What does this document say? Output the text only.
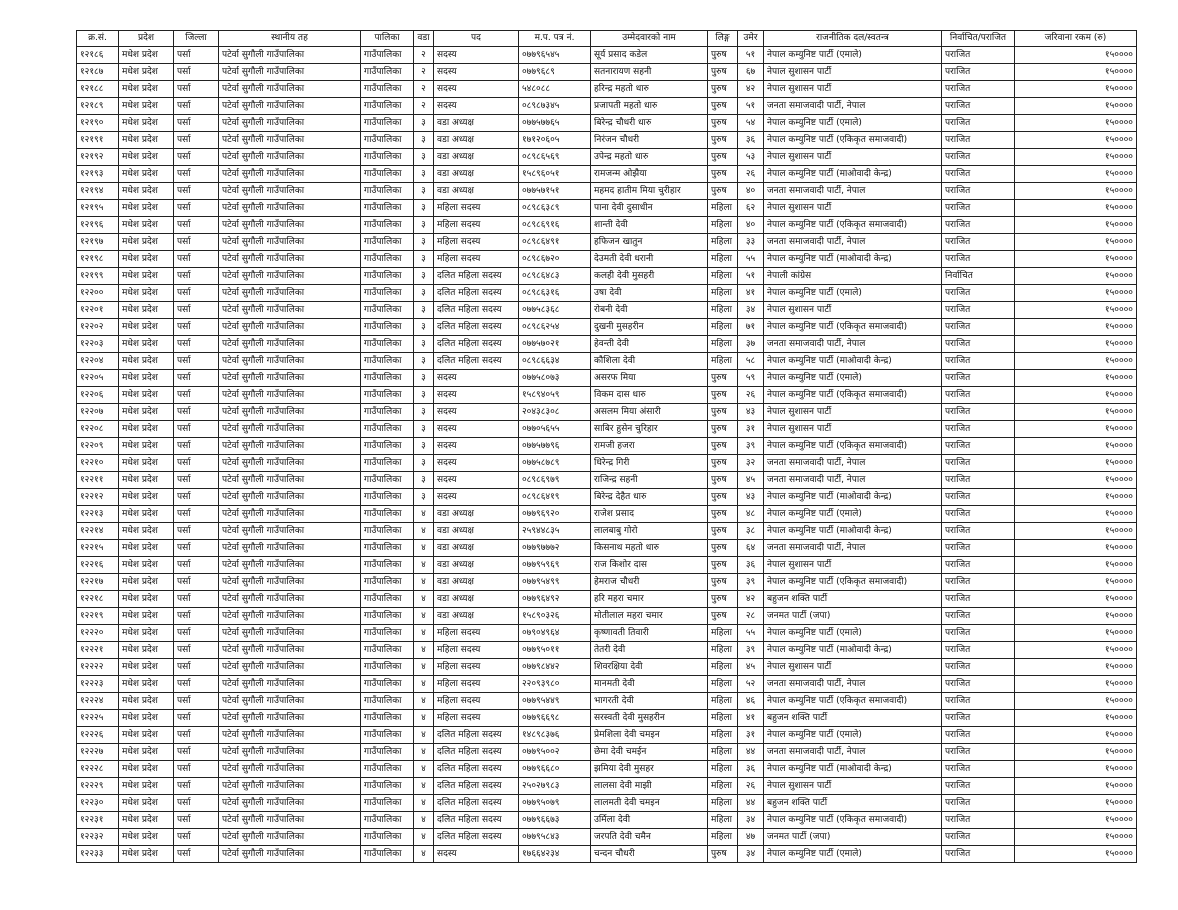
क्र.सं.	प्रदेश	जिल्ला	स्थानीय तह	पालिका	वडा	पद	म.प. पत्र नं.	उम्मेदवारको नाम	लिङ्ग	उमेर	राजनीतिक दल/स्वतन्त्र	निर्वाचित/पराजित	जरिवाना रकम (रु)
१२१८६	मधेश प्रदेश	पर्सा	पटेर्वा सुगौली गाउँपालिका	गाउँपालिका	२	सदस्य	०७७९६५४५	सूर्य प्रसाद कडेल	पुरुष	५१	नेपाल कम्युनिष्ट पार्टी (एमाले)	पराजित	१५००००
१२१८७	मधेश प्रदेश	पर्सा	पटेर्वा सुगौली गाउँपालिका	गाउँपालिका	२	सदस्य	०७७९६८९	सतनारायण सहनी	पुरुष	६७	नेपाल सुशासन पार्टी	पराजित	१५००००
१२१८८	मधेश प्रदेश	पर्सा	पटेर्वा सुगौली गाउँपालिका	गाउँपालिका	२	सदस्य	५४८०८८	हरिन्द्र महतो धारु	पुरुष	४२	नेपाल सुशासन पार्टी	पराजित	१५००००
१२१८९	मधेश प्रदेश	पर्सा	पटेर्वा सुगौली गाउँपालिका	गाउँपालिका	२	सदस्य	०८९८७३४५	प्रजापती महतो धारु	पुरुष	५१	जनता समाजवादी पार्टी, नेपाल	पराजित	१५००००
१२१९०	मधेश प्रदेश	पर्सा	पटेर्वा सुगौली गाउँपालिका	गाउँपालिका	३	वडा अध्यक्ष	०७७५७७६५	बिरेन्द्र चौधरी धारु	पुरुष	५४	नेपाल कम्युनिष्ट पार्टी (एमाले)	पराजित	१५००००
१२१९१	मधेश प्रदेश	पर्सा	पटेर्वा सुगौली गाउँपालिका	गाउँपालिका	३	वडा अध्यक्ष	१७१२०६०५	निरंजन चौधरी	पुरुष	३६	नेपाल कम्युनिष्ट पार्टी (एकिकृत समाजवादी)	पराजित	१५००००
१२१९२	मधेश प्रदेश	पर्सा	पटेर्वा सुगौली गाउँपालिका	गाउँपालिका	३	वडा अध्यक्ष	०८९८६५६९	उपेन्द्र महतो धारु	पुरुष	५३	नेपाल सुशासन पार्टी	पराजित	१५००००
१२१९३	मधेश प्रदेश	पर्सा	पटेर्वा सुगौली गाउँपालिका	गाउँपालिका	३	वडा अध्यक्ष	१५८९६०५१	रामजन्म ओझैया	पुरुष	२६	नेपाल कम्युनिष्ट पार्टी (माओवादी केन्द्र)	पराजित	१५००००
१२१९४	मधेश प्रदेश	पर्सा	पटेर्वा सुगौली गाउँपालिका	गाउँपालिका	३	वडा अध्यक्ष	०७७५७१५१	महमद हातीम मिया चुरीहार	पुरुष	४०	जनता समाजवादी पार्टी, नेपाल	पराजित	१५००००
१२१९५	मधेश प्रदेश	पर्सा	पटेर्वा सुगौली गाउँपालिका	गाउँपालिका	३	महिला सदस्य	०८९८६३८९	पाना देवी दुसाधीन	महिला	६२	नेपाल सुशासन पार्टी	पराजित	१५००००
१२१९६	मधेश प्रदेश	पर्सा	पटेर्वा सुगौली गाउँपालिका	गाउँपालिका	३	महिला सदस्य	०८९८६९१६	शान्ती देवी	महिला	४०	नेपाल कम्युनिष्ट पार्टी (एकिकृत समाजवादी)	पराजित	१५००००
१२१९७	मधेश प्रदेश	पर्सा	पटेर्वा सुगौली गाउँपालिका	गाउँपालिका	३	महिला सदस्य	०८९८६४९१	हफिजन खातुन	महिला	३३	जनता समाजवादी पार्टी, नेपाल	पराजित	१५००००
१२१९८	मधेश प्रदेश	पर्सा	पटेर्वा सुगौली गाउँपालिका	गाउँपालिका	३	महिला सदस्य	०८९८६७२०	देउमती देवी धरानी	महिला	५५	नेपाल कम्युनिष्ट पार्टी (माओवादी केन्द्र)	पराजित	१५००००
१२१९९	मधेश प्रदेश	पर्सा	पटेर्वा सुगौली गाउँपालिका	गाउँपालिका	३	दलित महिला सदस्य	०८९८६४८३	कलही देवी मुसहरी	महिला	५१	नेपाली कांग्रेस	निर्वाचित	१५००००
१२२००	मधेश प्रदेश	पर्सा	पटेर्वा सुगौली गाउँपालिका	गाउँपालिका	३	दलित महिला सदस्य	०८९८६३१६	उषा देवी	महिला	४१	नेपाल कम्युनिष्ट पार्टी (एमाले)	पराजित	१५००००
१२२०१	मधेश प्रदेश	पर्सा	पटेर्वा सुगौली गाउँपालिका	गाउँपालिका	३	दलित महिला सदस्य	०७७५८३६८	रोबनी देवी	महिला	३४	नेपाल सुशासन पार्टी	पराजित	१५००००
१२२०२	मधेश प्रदेश	पर्सा	पटेर्वा सुगौली गाउँपालिका	गाउँपालिका	३	दलित महिला सदस्य	०८९८६२५४	दुखनी मुसहरीन	महिला	७१	नेपाल कम्युनिष्ट पार्टी (एकिकृत समाजवादी)	पराजित	१५००००
१२२०३	मधेश प्रदेश	पर्सा	पटेर्वा सुगौली गाउँपालिका	गाउँपालिका	३	दलित महिला सदस्य	०७७५७०२१	हेवन्ती देवी	महिला	३७	जनता समाजवादी पार्टी, नेपाल	पराजित	१५००००
१२२०४	मधेश प्रदेश	पर्सा	पटेर्वा सुगौली गाउँपालिका	गाउँपालिका	३	दलित महिला सदस्य	०८९८६६३४	कौशिला देवी	महिला	५८	नेपाल कम्युनिष्ट पार्टी (माओवादी केन्द्र)	पराजित	१५००००
१२२०५	मधेश प्रदेश	पर्सा	पटेर्वा सुगौली गाउँपालिका	गाउँपालिका	३	सदस्य	०७७५८०७३	असरफ मिया	पुरुष	५९	नेपाल कम्युनिष्ट पार्टी (एमाले)	पराजित	१५००००
१२२०६	मधेश प्रदेश	पर्सा	पटेर्वा सुगौली गाउँपालिका	गाउँपालिका	३	सदस्य	१५८९४०५९	विकम दास धारु	पुरुष	२६	नेपाल कम्युनिष्ट पार्टी (एकिकृत समाजवादी)	पराजित	१५००००
१२२०७	मधेश प्रदेश	पर्सा	पटेर्वा सुगौली गाउँपालिका	गाउँपालिका	३	सदस्य	२०४३८३०८	असलम मिया अंसारी	पुरुष	४३	नेपाल सुशासन पार्टी	पराजित	१५००००
१२२०८	मधेश प्रदेश	पर्सा	पटेर्वा सुगौली गाउँपालिका	गाउँपालिका	३	सदस्य	०७७०५६५५	साबिर हुसेन चुरिहार	पुरुष	३१	नेपाल सुशासन पार्टी	पराजित	१५००००
१२२०९	मधेश प्रदेश	पर्सा	पटेर्वा सुगौली गाउँपालिका	गाउँपालिका	३	सदस्य	०७७५७७९६	रामजी हजरा	पुरुष	३९	नेपाल कम्युनिष्ट पार्टी (एकिकृत समाजवादी)	पराजित	१५००००
१२२१०	मधेश प्रदेश	पर्सा	पटेर्वा सुगौली गाउँपालिका	गाउँपालिका	३	सदस्य	०७७५८७८९	धिरेन्द्र गिरी	पुरुष	३२	जनता समाजवादी पार्टी, नेपाल	पराजित	१५००००
१२२११	मधेश प्रदेश	पर्सा	पटेर्वा सुगौली गाउँपालिका	गाउँपालिका	३	सदस्य	०८९८६९७९	राजिन्द्र सहनी	पुरुष	४५	जनता समाजवादी पार्टी, नेपाल	पराजित	१५००००
१२२१२	मधेश प्रदेश	पर्सा	पटेर्वा सुगौली गाउँपालिका	गाउँपालिका	३	सदस्य	०८९८६४१९	बिरेन्द्र देहैत धारु	पुरुष	४३	नेपाल कम्युनिष्ट पार्टी (माओवादी केन्द्र)	पराजित	१५००००
१२२१३	मधेश प्रदेश	पर्सा	पटेर्वा सुगौली गाउँपालिका	गाउँपालिका	४	वडा अध्यक्ष	०७७९६९२०	राजेश प्रसाद	पुरुष	४८	नेपाल कम्युनिष्ट पार्टी (एमाले)	पराजित	१५००००
१२२१४	मधेश प्रदेश	पर्सा	पटेर्वा सुगौली गाउँपालिका	गाउँपालिका	४	वडा अध्यक्ष	२५९४४८३५	लालबाबु गोरो	पुरुष	३८	नेपाल कम्युनिष्ट पार्टी (माओवादी केन्द्र)	पराजित	१५००००
१२२१५	मधेश प्रदेश	पर्सा	पटेर्वा सुगौली गाउँपालिका	गाउँपालिका	४	वडा अध्यक्ष	०७७९७७७२	किसनाथ महतो धारु	पुरुष	६४	जनता समाजवादी पार्टी, नेपाल	पराजित	१५००००
१२२१६	मधेश प्रदेश	पर्सा	पटेर्वा सुगौली गाउँपालिका	गाउँपालिका	४	वडा अध्यक्ष	०७७९५९६९	राज किशोर दास	पुरुष	३६	नेपाल सुशासन पार्टी	पराजित	१५००००
१२२१७	मधेश प्रदेश	पर्सा	पटेर्वा सुगौली गाउँपालिका	गाउँपालिका	४	वडा अध्यक्ष	०७७९५४९९	हेमराज चौधरी	पुरुष	३९	नेपाल कम्युनिष्ट पार्टी (एकिकृत समाजवादी)	पराजित	१५००००
१२२१८	मधेश प्रदेश	पर्सा	पटेर्वा सुगौली गाउँपालिका	गाउँपालिका	४	वडा अध्यक्ष	०७७९६४९२	हरि महरा चमार	पुरुष	४२	बहुजन शक्ति पार्टी	पराजित	१५००००
१२२१९	मधेश प्रदेश	पर्सा	पटेर्वा सुगौली गाउँपालिका	गाउँपालिका	४	वडा अध्यक्ष	१५८९०३२६	मोतीलाल महरा चमार	पुरुष	२८	जनमत पार्टी (जपा)	पराजित	१५००००
१२२२०	मधेश प्रदेश	पर्सा	पटेर्वा सुगौली गाउँपालिका	गाउँपालिका	४	महिला सदस्य	०७९०४९६४	कृष्णावती तिवारी	महिला	५५	नेपाल कम्युनिष्ट पार्टी (एमाले)	पराजित	१५००००
१२२२१	मधेश प्रदेश	पर्सा	पटेर्वा सुगौली गाउँपालिका	गाउँपालिका	४	महिला सदस्य	०७७९५०११	तेतरी देवी	महिला	३९	नेपाल कम्युनिष्ट पार्टी (माओवादी केन्द्र)	पराजित	१५००००
१२२२२	मधेश प्रदेश	पर्सा	पटेर्वा सुगौली गाउँपालिका	गाउँपालिका	४	महिला सदस्य	०७७९८४४२	शिवरक्षिया देवी	महिला	४५	नेपाल सुशासन पार्टी	पराजित	१५००००
१२२२३	मधेश प्रदेश	पर्सा	पटेर्वा सुगौली गाउँपालिका	गाउँपालिका	४	महिला सदस्य	२२०९३९८०	मानमती देवी	महिला	५२	जनता समाजवादी पार्टी, नेपाल	पराजित	१५००००
१२२२४	मधेश प्रदेश	पर्सा	पटेर्वा सुगौली गाउँपालिका	गाउँपालिका	४	महिला सदस्य	०७७९५४४९	भागरती देवी	महिला	४६	नेपाल कम्युनिष्ट पार्टी (एकिकृत समाजवादी)	पराजित	१५००००
१२२२५	मधेश प्रदेश	पर्सा	पटेर्वा सुगौली गाउँपालिका	गाउँपालिका	४	महिला सदस्य	०७७९६६९८	सरस्वती देवी मुसहरीन	महिला	४१	बहुजन शक्ति पार्टी	पराजित	१५००००
१२२२६	मधेश प्रदेश	पर्सा	पटेर्वा सुगौली गाउँपालिका	गाउँपालिका	४	दलित महिला सदस्य	१४८९८३७६	प्रेमशिला देवी चमइन	महिला	३१	नेपाल कम्युनिष्ट पार्टी (एमाले)	पराजित	१५००००
१२२२७	मधेश प्रदेश	पर्सा	पटेर्वा सुगौली गाउँपालिका	गाउँपालिका	४	दलित महिला सदस्य	०७७९५००२	छेमा देवी चमईन	महिला	४४	जनता समाजवादी पार्टी, नेपाल	पराजित	१५००००
१२२२८	मधेश प्रदेश	पर्सा	पटेर्वा सुगौली गाउँपालिका	गाउँपालिका	४	दलित महिला सदस्य	०७७९६६८०	झमिया देवी मुसहर	महिला	३६	नेपाल कम्युनिष्ट पार्टी (माओवादी केन्द्र)	पराजित	१५००००
१२२२९	मधेश प्रदेश	पर्सा	पटेर्वा सुगौली गाउँपालिका	गाउँपालिका	४	दलित महिला सदस्य	२५०२७९८३	लालसा देवी माझी	महिला	२६	नेपाल सुशासन पार्टी	पराजित	१५००००
१२२३०	मधेश प्रदेश	पर्सा	पटेर्वा सुगौली गाउँपालिका	गाउँपालिका	४	दलित महिला सदस्य	०७७९५०७९	लालमती देवी चमइन	महिला	४४	बहुजन शक्ति पार्टी	पराजित	१५००००
१२२३१	मधेश प्रदेश	पर्सा	पटेर्वा सुगौली गाउँपालिका	गाउँपालिका	४	दलित महिला सदस्य	०७७९६६७३	उर्मिला देवी	महिला	३४	नेपाल कम्युनिष्ट पार्टी (एकिकृत समाजवादी)	पराजित	१५००००
१२२३२	मधेश प्रदेश	पर्सा	पटेर्वा सुगौली गाउँपालिका	गाउँपालिका	४	दलित महिला सदस्य	०७७९५८४३	जरपति देवी चमैन	महिला	४७	जनमत पार्टी (जपा)	पराजित	१५००००
१२२३३	मधेश प्रदेश	पर्सा	पटेर्वा सुगौली गाउँपालिका	गाउँपालिका	४	सदस्य	१७६६४२३४	चन्दन चौधरी	पुरुष	३४	नेपाल कम्युनिष्ट पार्टी (एमाले)	पराजित	१५००००
